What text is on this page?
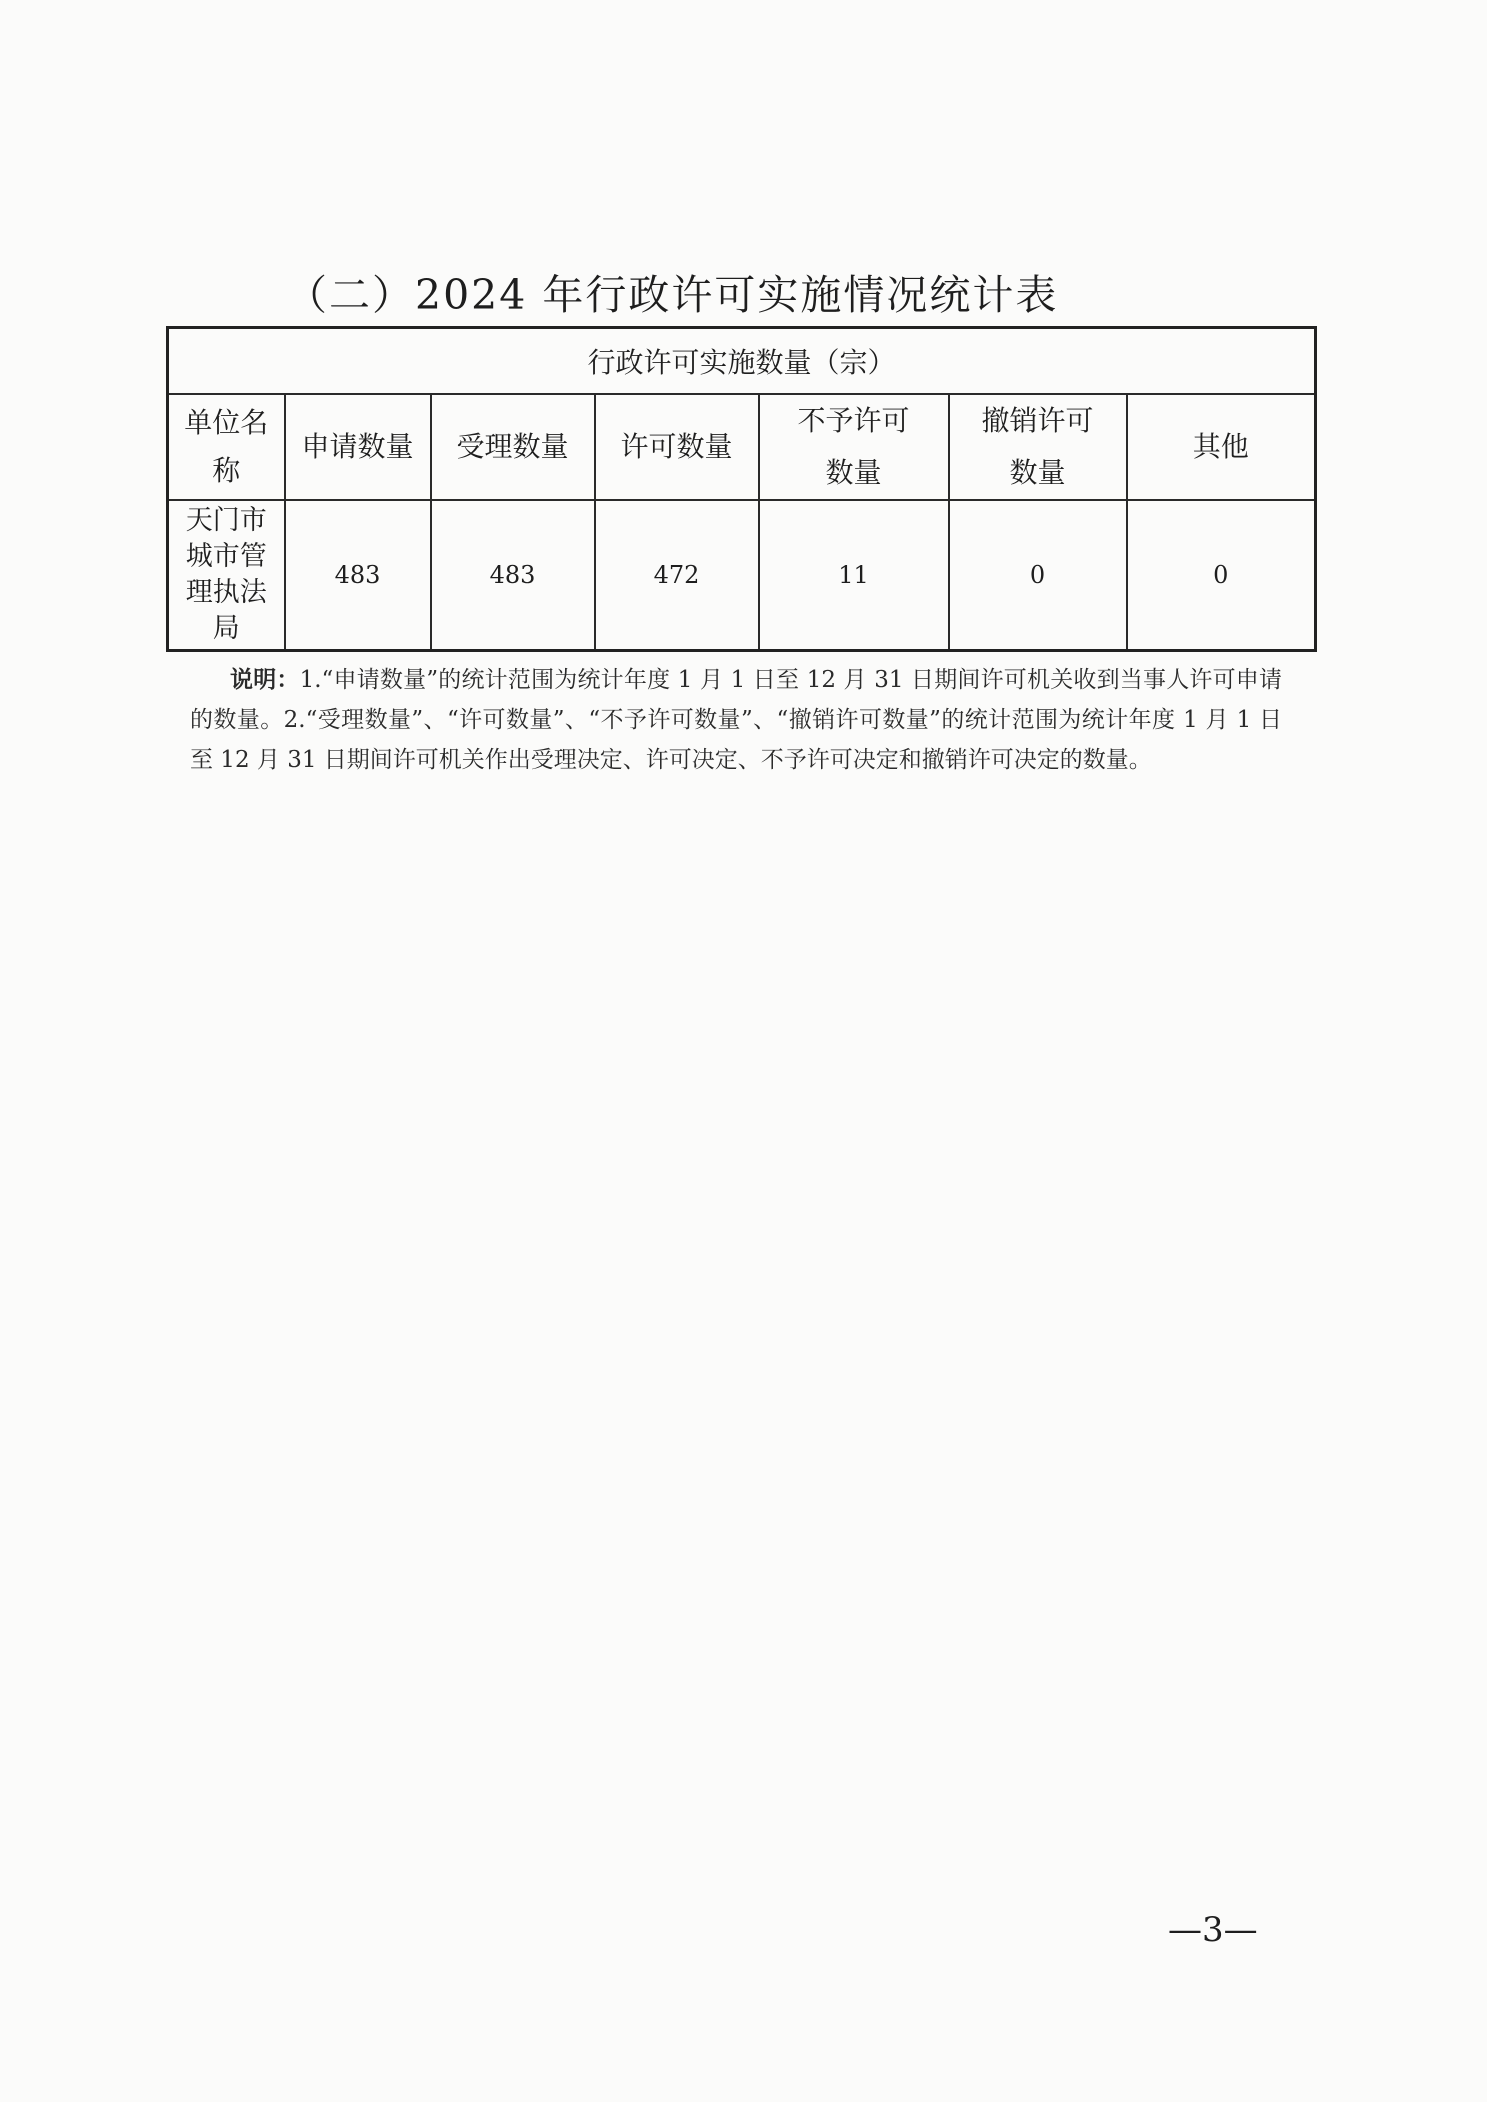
（二）2024 年行政许可实施情况统计表
行政许可实施数量（宗）						
单位名称	申请数量	受理数量	许可数量	不予许可数量	撤销许可数量	其他
天门市城市管理执法局	483	483	472	11	0	0
说明：1.“申请数量”的统计范围为统计年度 1 月 1 日至 12 月 31 日期间许可机关收到当事人许可申请的数量。2.“受理数量”、“许可数量”、“不予许可数量”、“撤销许可数量”的统计范围为统计年度 1 月 1 日至 12 月 31 日期间许可机关作出受理决定、许可决定、不予许可决定和撤销许可决定的数量。
—3—
